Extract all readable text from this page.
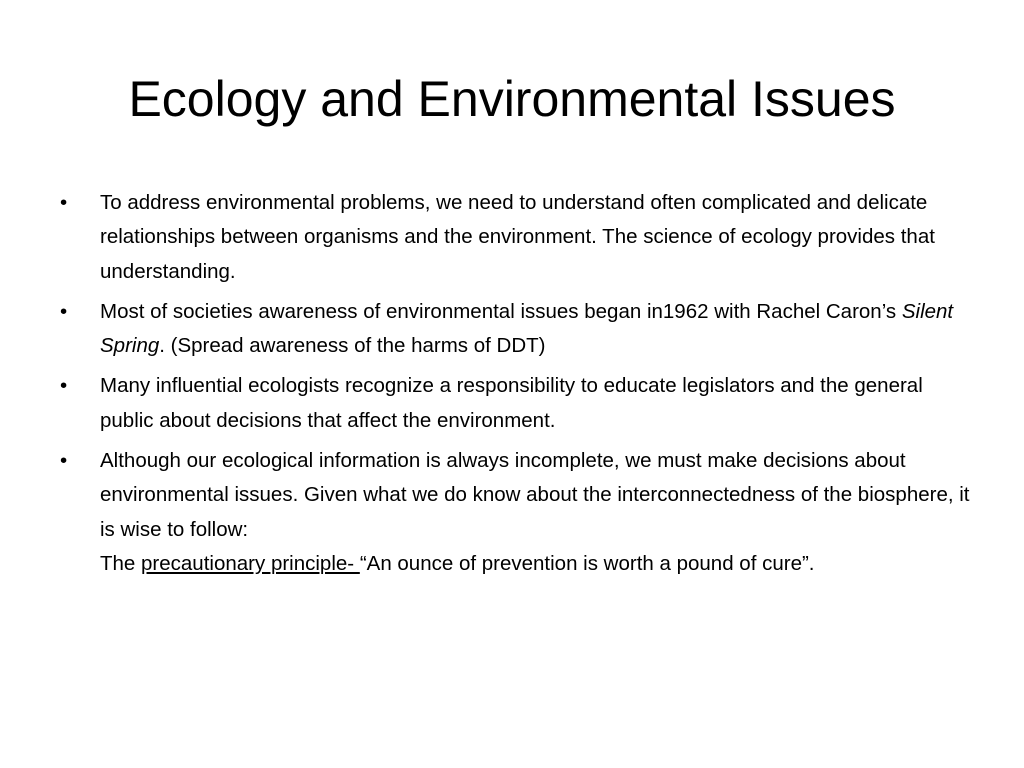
Ecology and Environmental Issues
•	To address environmental problems, we need to understand often complicated and delicate relationships between organisms and the environment. The science of ecology provides that understanding.
•	Most of societies awareness of environmental issues began in1962 with Rachel Caron’s Silent Spring. (Spread awareness of the harms of DDT)
•	Many influential ecologists recognize a responsibility to educate legislators and the general public about decisions that affect the environment.
•	Although our ecological information is always incomplete, we must make decisions about environmental issues. Given what we do know about the interconnectedness of the biosphere, it is wise to follow:
The precautionary principle- “An ounce of prevention is worth a pound of cure”.
